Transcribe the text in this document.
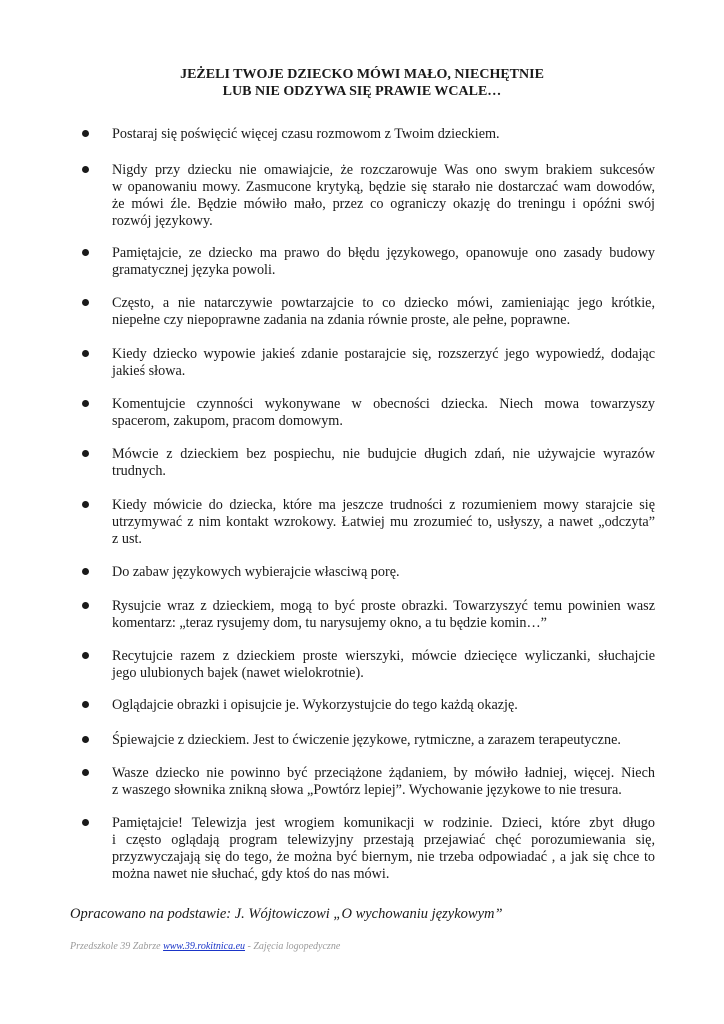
JEŻELI TWOJE DZIECKO MÓWI MAŁO, NIECHĘTNIE
LUB NIE ODZYWA SIĘ PRAWIE WCALE…
Postaraj się poświęcić więcej czasu rozmowom z Twoim dzieckiem.
Nigdy przy dziecku nie omawiajcie, że rozczarowuje Was ono swym brakiem sukcesów
w opanowaniu mowy. Zasmucone krytyką, będzie się starało nie dostarczać wam dowodów,
że mówi źle. Będzie mówiło mało, przez co ograniczy okazję do treningu i opóźni swój
rozwój językowy.
Pamiętajcie, ze dziecko ma prawo do błędu językowego, opanowuje ono zasady budowy
gramatycznej języka powoli.
Często, a nie natarczywie powtarzajcie to co dziecko mówi, zamieniając jego krótkie,
niepełne czy niepoprawne zadania na zdania równie proste, ale pełne, poprawne.
Kiedy dziecko wypowie jakieś zdanie postarajcie się, rozszerzyć jego wypowiedź, dodając
jakieś słowa.
Komentujcie czynności wykonywane w obecności dziecka. Niech mowa towarzyszy
spacerom, zakupom, pracom domowym.
Mówcie z dzieckiem bez pospiechu, nie budujcie długich zdań, nie używajcie wyrazów
trudnych.
Kiedy mówicie do dziecka, które ma jeszcze trudności z rozumieniem mowy starajcie się
utrzymywać z nim kontakt wzrokowy. Łatwiej mu zrozumieć to, usłyszy, a nawet „odczyta”
z ust.
Do zabaw językowych wybierajcie własciwą porę.
Rysujcie wraz z dzieckiem, mogą to być proste obrazki. Towarzyszyć temu powinien wasz
komentarz: „teraz rysujemy dom, tu narysujemy okno, a tu będzie komin…”
Recytujcie razem z dzieckiem proste wierszyki, mówcie dziecięce wyliczanki, słuchajcie
jego ulubionych bajek (nawet wielokrotnie).
Oglądajcie obrazki i opisujcie je. Wykorzystujcie do tego każdą okazję.
Śpiewajcie z dzieckiem. Jest to ćwiczenie językowe, rytmiczne, a zarazem terapeutyczne.
Wasze dziecko nie powinno być przeciążone żądaniem, by mówiło ładniej, więcej. Niech
z waszego słownika znikną słowa „Powtórz lepiej”. Wychowanie językowe to nie tresura.
Pamiętajcie! Telewizja jest wrogiem komunikacji w rodzinie. Dzieci, które zbyt długo
i często oglądają program telewizyjny przestają przejawiać chęć porozumiewania się,
przyzwyczajają się do tego, że można być biernym, nie trzeba odpowiadać , a jak się chce to
można nawet nie słuchać, gdy ktoś do nas mówi.
Opracowano na podstawie: J. Wójtowiczowi „O wychowaniu językowym”
Przedszkole 39 Zabrze www.39.rokitnica.eu - Zajęcia logopedyczne
